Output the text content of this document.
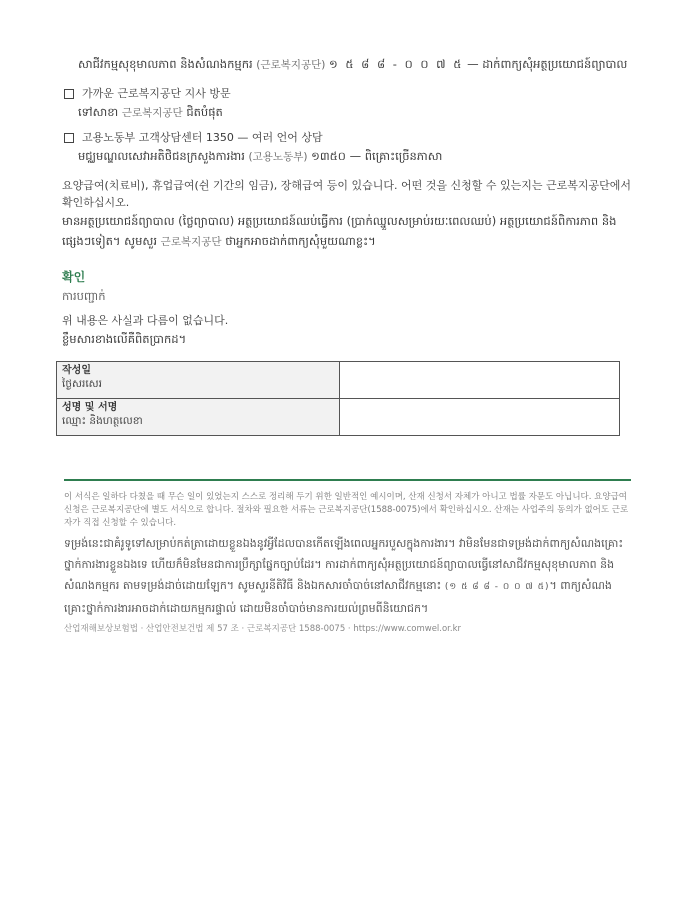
សាជីវកម្មសុខុមាលភាព និងសំណងកម្មករ (근로복지공단) ១ ៥ ៨ ៨ - ០ ០ ៧ ៥ — ដាក់ពាក្យសុំអត្ថប្រយោជន៍ព្យាបាល
가까운 근로복지공단 지사 방문
ទៅសាខា 근로복지공단 ជិតបំផុត
고용노동부 고객상담센터 1350 — 여러 언어 상담
មជ្ឈមណ្ឌលសេវាអតិថិជនក្រសួងការងារ (고용노동부) ១៣៥០ — ពិគ្រោះច្រើនភាសា
요양급여(치료비), 휴업급여(쉰 기간의 임금), 장해급여 등이 있습니다. 어떤 것을 신청할 수 있는지는 근로복지공단에서 확인하십시오.
មានអត្ថប្រយោជន៍ព្យាបាល (ថ្លៃព្យាបាល) អត្ថប្រយោជន៍ឈប់ធ្វើការ (ប្រាក់ឈ្នួលសម្រាប់រយៈពេលឈប់) អត្ថប្រយោជន៍ពិការភាព និងផ្សេងៗទៀត។ សូមសួរ 근로복지공단 ថាអ្នកអាចដាក់ពាក្យសុំមួយណាខ្លះ។
확인
ការបញ្ជាក់
위 내용은 사실과 다름이 없습니다.
ខ្លឹមសារខាងលើគឺពិតប្រាកដ។
작성일
ថ្ងៃសរសេរ	

성명 및 서명
ឈ្មោះ និងហត្ថលេខា	

이 서식은 일하다 다쳤을 때 무슨 일이 있었는지 스스로 정리해 두기 위한 일반적인 예시이며, 산재 신청서 자체가 아니고 법률 자문도 아닙니다. 요양급여 신청은 근로복지공단에 별도 서식으로 합니다. 절차와 필요한 서류는 근로복지공단(1588-0075)에서 확인하십시오. 산재는 사업주의 동의가 없어도 근로자가 직접 신청할 수 있습니다.
ទម្រង់នេះជាគំរូទូទៅសម្រាប់កត់ត្រាដោយខ្លួនឯងនូវអ្វីដែលបានកើតឡើងពេលអ្នករបួសក្នុងការងារ។ វាមិនមែនជាទម្រង់ដាក់ពាក្យសំណងគ្រោះថ្នាក់ការងារខ្លួនឯងទេ ហើយក៏មិនមែនជាការប្រឹក្សាផ្នែកច្បាប់ដែរ។ ការដាក់ពាក្យសុំអត្ថប្រយោជន៍ព្យាបាលធ្វើនៅសាជីវកម្មសុខុមាលភាព និងសំណងកម្មករ តាមទម្រង់ដាច់ដោយឡែក។ សូមសួរនីតិវិធី និងឯកសារចាំបាច់នៅសាជីវកម្មនោះ (១ ៥ ៨ ៨ - ០ ០ ៧ ៥)។ ពាក្យសំណងគ្រោះថ្នាក់ការងារអាចដាក់ដោយកម្មករផ្ទាល់ ដោយមិនចាំបាច់មានការយល់ព្រមពីនិយោជក។
산업재해보상보험법 · 산업안전보건법 제 57 조 · 근로복지공단 1588-0075 · https://www.comwel.or.kr
